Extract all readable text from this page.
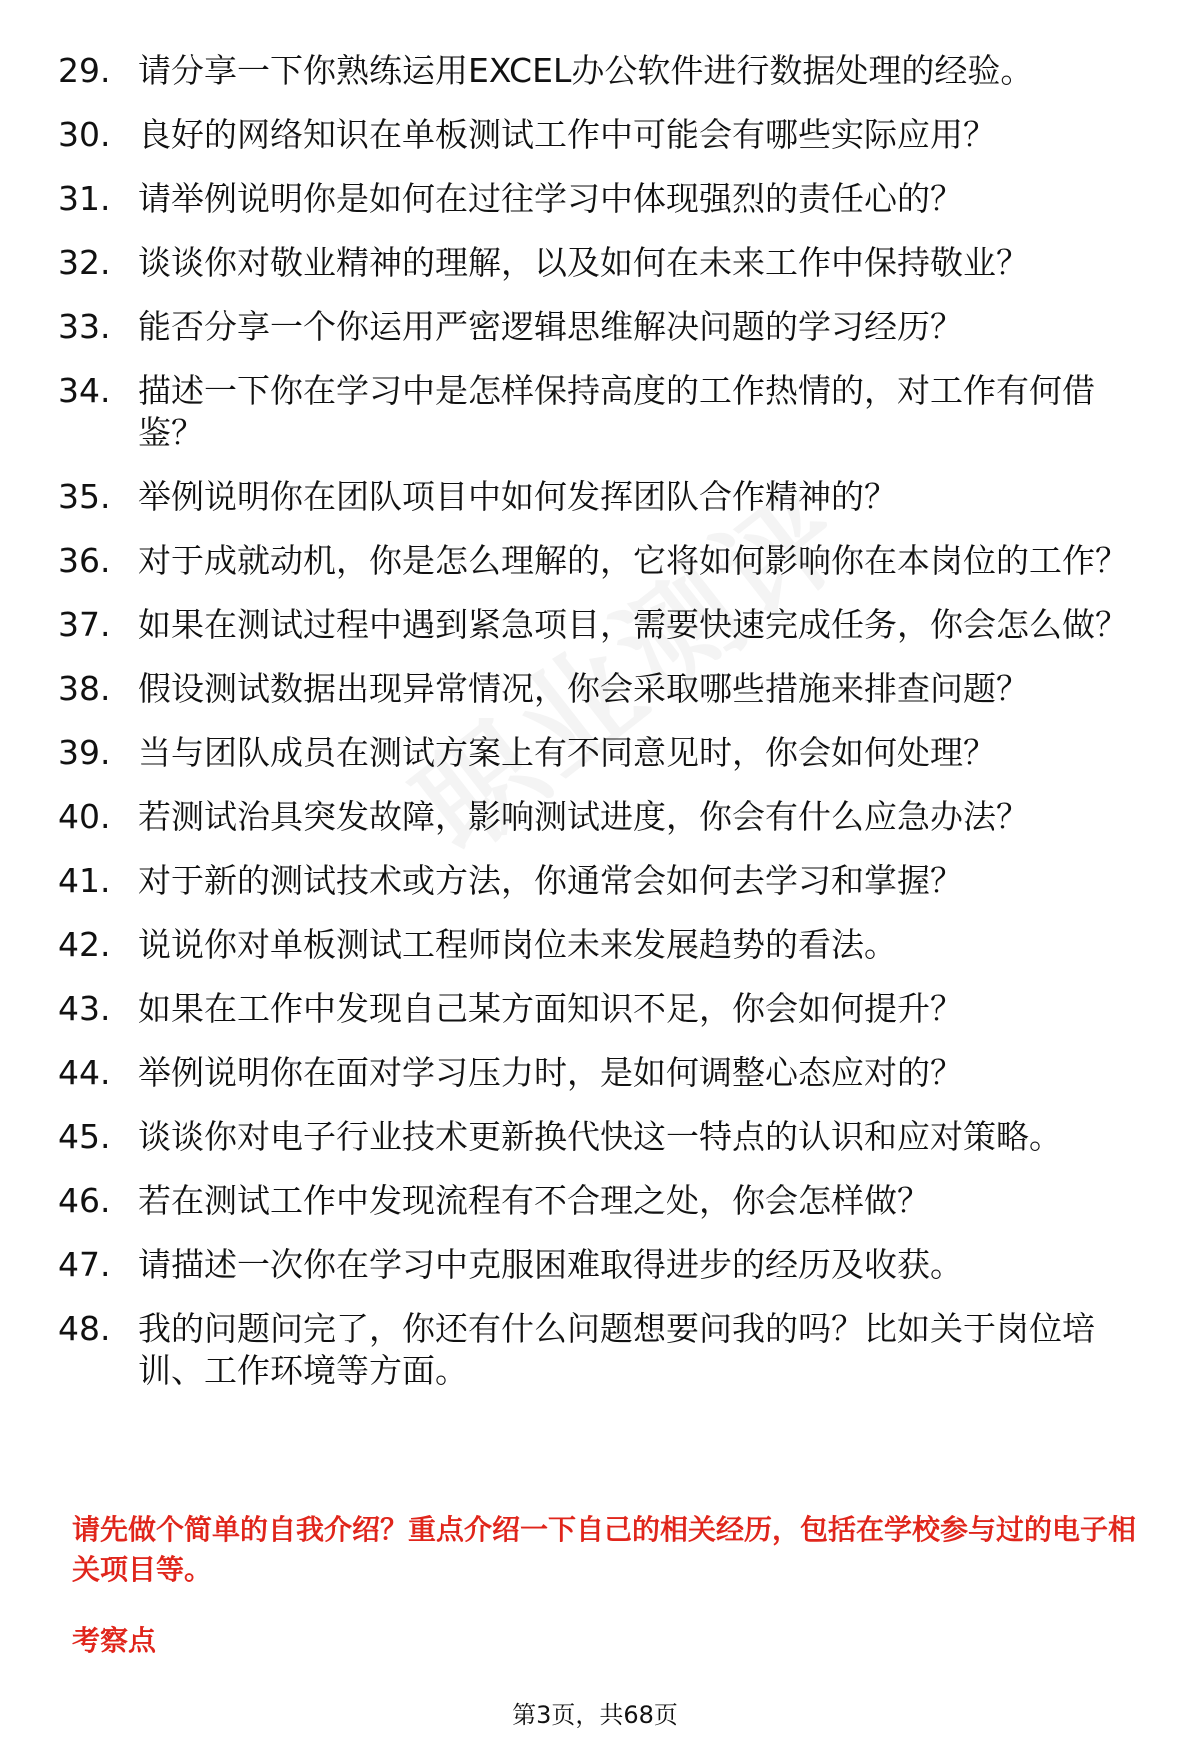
29. 请分享一下你熟练运用EXCEL办公软件进行数据处理的经验。
30. 良好的网络知识在单板测试工作中可能会有哪些实际应用？
31. 请举例说明你是如何在过往学习中体现强烈的责任心的？
32. 谈谈你对敬业精神的理解，以及如何在未来工作中保持敬业？
33. 能否分享一个你运用严密逻辑思维解决问题的学习经历？
34. 描述一下你在学习中是怎样保持高度的工作热情的，对工作有何借鉴？
35. 举例说明你在团队项目中如何发挥团队合作精神的？
36. 对于成就动机，你是怎么理解的，它将如何影响你在本岗位的工作？
37. 如果在测试过程中遇到紧急项目，需要快速完成任务，你会怎么做？
38. 假设测试数据出现异常情况，你会采取哪些措施来排查问题？
39. 当与团队成员在测试方案上有不同意见时，你会如何处理？
40. 若测试治具突发故障，影响测试进度，你会有什么应急办法？
41. 对于新的测试技术或方法，你通常会如何去学习和掌握？
42. 说说你对单板测试工程师岗位未来发展趋势的看法。
43. 如果在工作中发现自己某方面知识不足，你会如何提升？
44. 举例说明你在面对学习压力时，是如何调整心态应对的？
45. 谈谈你对电子行业技术更新换代快这一特点的认识和应对策略。
46. 若在测试工作中发现流程有不合理之处，你会怎样做？
47. 请描述一次你在学习中克服困难取得进步的经历及收获。
48. 我的问题问完了，你还有什么问题想要问我的吗？比如关于岗位培训、工作环境等方面。
请先做个简单的自我介绍？重点介绍一下自己的相关经历，包括在学校参与过的电子相关项目等。
考察点
第3页，共68页
